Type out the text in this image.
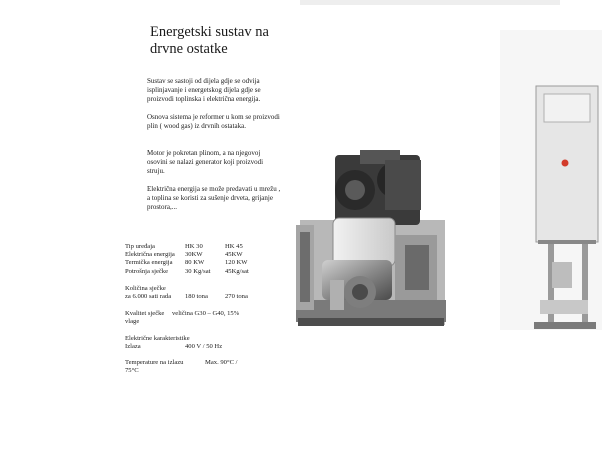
Energetski sustav na
drvne ostatke

Sustav se sastoji od dijela gdje se odvija isplinjavanje i energetskog dijela gdje se proizvodi toplinska i električna energija.

Osnova sistema je reformer u kom se proizvodi plin ( wood gas) iz drvnih ostataka.

Motor je pokretan plinom, a na njegovoj osovini se nalazi generator koji proizvodi struju.

Električna energija se može predavati u mrežu , a toplina se koristi za sušenje drveta, grijanje prostora,...

Tip uređaja	HK 30	HK 45
Električna energija	30KW	45KW
Termička energija	80 KW	120 KW
Potrošnja sječke	30 Kg/sat	45Kg/sat
Količina sječke
za 6.000 sati rada	180 tona	270 tona
Kvalitet sječke	veličina G30 – G40, 15%
vlage
Električne karakteristike
Izlaza	400 V / 50 Hz
Temperature na izlazu	Max. 90°C /
75°C
